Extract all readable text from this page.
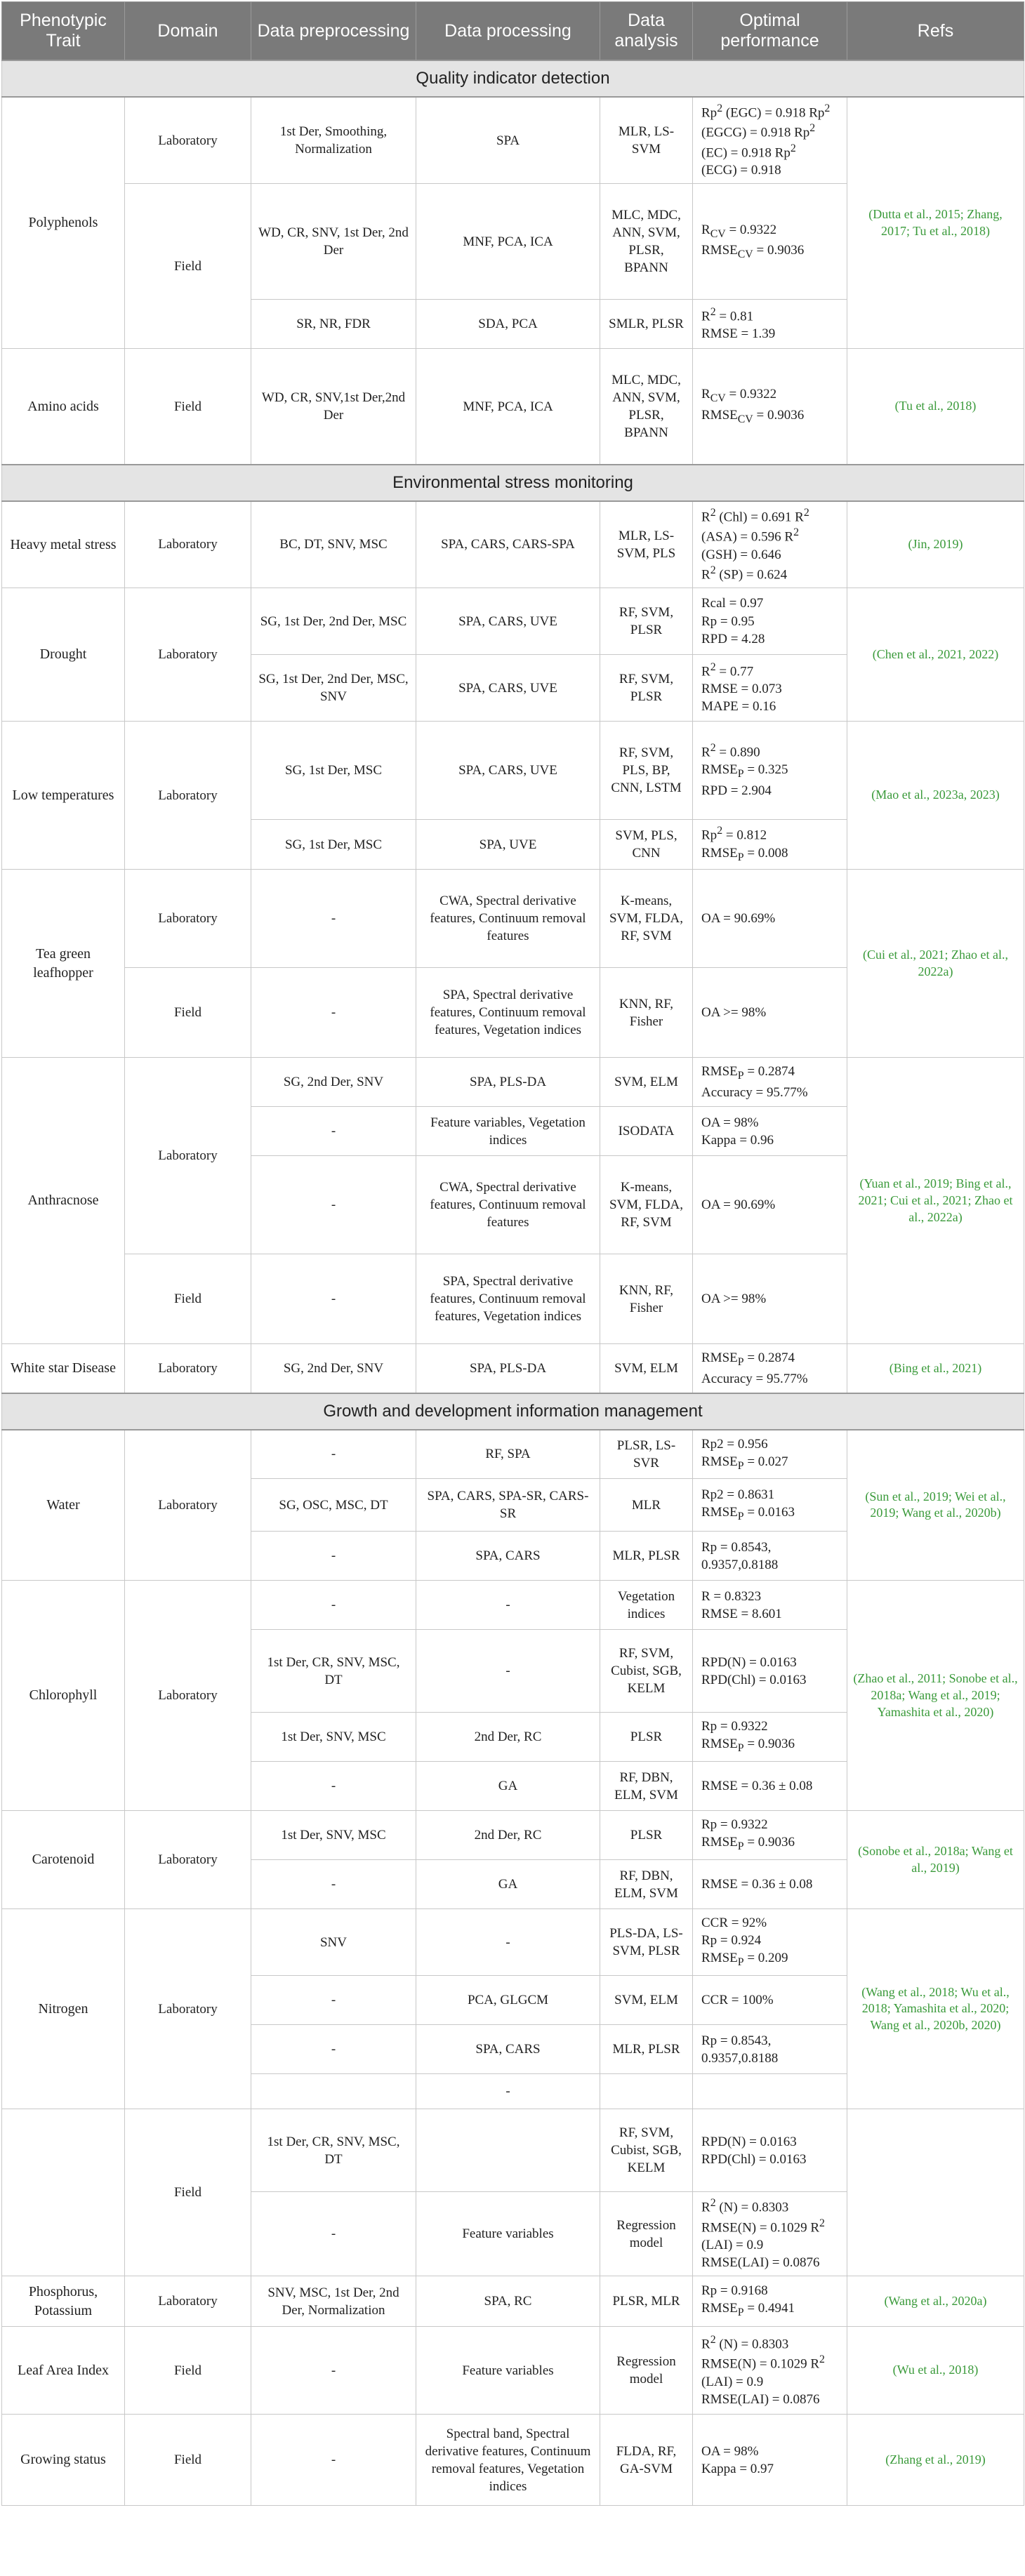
Phenotypic Trait	Domain	Data preprocessing	Data processing	Data analysis	Optimal performance	Refs
Quality indicator detection						
Polyphenols	Laboratory	1st Der, Smoothing, Normalization	SPA	MLR, LS-SVM	Rp$^2$ (EGC) = 0.918 Rp$^2$
(EGCG) = 0.918 Rp$^2$
(EC) = 0.918 Rp$^2$
(ECG) = 0.918	(Dutta et al., 2015; Zhang, 2017; Tu et al., 2018)
	Field	WD, CR, SNV, 1st Der, 2nd Der	MNF, PCA, ICA	MLC, MDC, ANN, SVM, PLSR, BPANN	$R_{CV} = 0.9322$
$RMSE_{CV} = 0.9036$	

		SR, NR, FDR	SDA, PCA	SMLR, PLSR	$R^2 = 0.81$
RMSE = 1.39	

Amino acids	Field	WD, CR, SNV,1st Der,2nd Der	MNF, PCA, ICA	MLC, MDC, ANN, SVM, PLSR, BPANN	$R_{CV} = 0.9322$
$RMSE_{CV} = 0.9036$	(Tu et al., 2018)
Environmental stress monitoring						
Heavy metal stress	Laboratory	BC, DT, SNV, MSC	SPA, CARS, CARS-SPA	MLR, LS-SVM, PLS	$R^2$ (Chl) = 0.691 $R^2$
(ASA) = 0.596 $R^2$
(GSH) = 0.646
$R^2$ (SP) = 0.624	(Jin, 2019)
Drought	Laboratory	SG, 1st Der, 2nd Der, MSC	SPA, CARS, UVE	RF, SVM, PLSR	Rcal = 0.97
Rp = 0.95
RPD = 4.28	(Chen et al., 2021, 2022)
		SG, 1st Der, 2nd Der, MSC, SNV	SPA, CARS, UVE	RF, SVM, PLSR	$R^2 = 0.77$
RMSE = 0.073
MAPE = 0.16	

Low temperatures	Laboratory	SG, 1st Der, MSC	SPA, CARS, UVE	RF, SVM, PLS, BP, CNN, LSTM	$R^2 = 0.890$
$RMSE_P = 0.325$
RPD = 2.904	(Mao et al., 2023a, 2023)
		SG, 1st Der, MSC	SPA, UVE	SVM, PLS, CNN	$Rp^2 = 0.812$
$RMSE_P = 0.008$	

Tea green leafhopper	Laboratory	-	CWA, Spectral derivative features, Continuum removal features	K-means, SVM, FLDA, RF, SVM	OA = 90.69%	(Cui et al., 2021; Zhao et al., 2022a)
	Field	-	SPA, Spectral derivative features, Continuum removal features, Vegetation indices	KNN, RF, Fisher	OA >= 98%	

Anthracnose	Laboratory	SG, 2nd Der, SNV	SPA, PLS-DA	SVM, ELM	$RMSE_P = 0.2874$
Accuracy = 95.77%	(Yuan et al., 2019; Bing et al., 2021; Cui et al., 2021; Zhao et al., 2022a)
		-	Feature variables, Vegetation indices	ISODATA	OA = 98%
Kappa = 0.96	

		-	CWA, Spectral derivative features, Continuum removal features	K-means, SVM, FLDA, RF, SVM	OA = 90.69%	

	Field	-	SPA, Spectral derivative features, Continuum removal features, Vegetation indices	KNN, RF, Fisher	OA >= 98%	

White star Disease	Laboratory	SG, 2nd Der, SNV	SPA, PLS-DA	SVM, ELM	$RMSE_P = 0.2874$
Accuracy = 95.77%	(Bing et al., 2021)
Growth and development information management						
Water	Laboratory	-	RF, SPA	PLSR, LS-SVR	Rp2 = 0.956
$RMSE_P = 0.027$	(Sun et al., 2019; Wei et al., 2019; Wang et al., 2020b)
		SG, OSC, MSC, DT	SPA, CARS, SPA-SR, CARS-SR	MLR	Rp2 = 0.8631
$RMSE_P = 0.0163$	

		-	SPA, CARS	MLR, PLSR	Rp = 0.8543,
0.9357,0.8188	

Chlorophyll	Laboratory	-	-	Vegetation indices	R = 0.8323
RMSE = 8.601	(Zhao et al., 2011; Sonobe et al., 2018a; Wang et al., 2019; Yamashita et al., 2020)
		1st Der, CR, SNV, MSC, DT	-	RF, SVM, Cubist, SGB, KELM	RPD(N) = 0.0163
RPD(Chl) = 0.0163	

		1st Der, SNV, MSC	2nd Der, RC	PLSR	Rp = 0.9322
$RMSE_P = 0.9036$	

		-	GA	RF, DBN, ELM, SVM	RMSE = 0.36 ± 0.08	

Carotenoid	Laboratory	1st Der, SNV, MSC	2nd Der, RC	PLSR	Rp = 0.9322
$RMSE_P = 0.9036$	(Sonobe et al., 2018a; Wang et al., 2019)
		-	GA	RF, DBN, ELM, SVM	RMSE = 0.36 ± 0.08	

Nitrogen	Laboratory	SNV	-	PLS-DA, LS-SVM, PLSR	CCR = 92%
Rp = 0.924
$RMSE_P = 0.209$	(Wang et al., 2018; Wu et al., 2018; Yamashita et al., 2020; Wang et al., 2020b, 2020)
		-	PCA, GLGCM	SVM, ELM	CCR = 100%	

		-	SPA, CARS	MLR, PLSR	Rp = 0.8543,
0.9357,0.8188	

			-			
	Field	1st Der, CR, SNV, MSC, DT		RF, SVM, Cubist, SGB, KELM	RPD(N) = 0.0163
RPD(Chl) = 0.0163	

		-	Feature variables	Regression model	$R^2$ (N) = 0.8303
RMSE(N) = 0.1029 $R^2$
(LAI) = 0.9
RMSE(LAI) = 0.0876	

Phosphorus, Potassium	Laboratory	SNV, MSC, 1st Der, 2nd Der, Normalization	SPA, RC	PLSR, MLR	Rp = 0.9168
$RMSE_P = 0.4941$	(Wang et al., 2020a)
Leaf Area Index	Field	-	Feature variables	Regression model	$R^2$ (N) = 0.8303
RMSE(N) = 0.1029 $R^2$
(LAI) = 0.9
RMSE(LAI) = 0.0876	(Wu et al., 2018)
Growing status	Field	-	Spectral band, Spectral derivative features, Continuum removal features, Vegetation indices	FLDA, RF, GA-SVM	OA = 98%
Kappa = 0.97	(Zhang et al., 2019)
